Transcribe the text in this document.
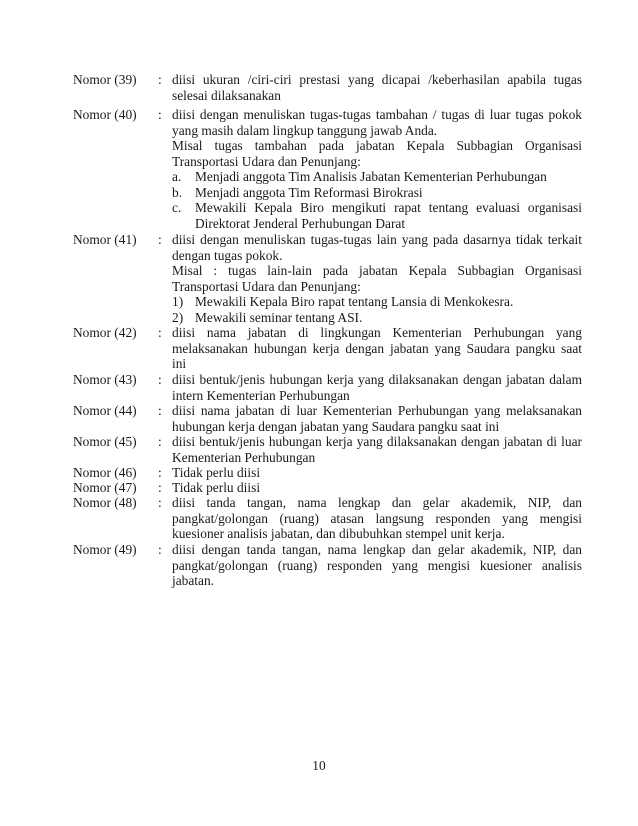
Nomor (39) : diisi ukuran /ciri-ciri prestasi yang dicapai /keberhasilan apabila tugas
selesai dilaksanakan
Nomor (40) : diisi dengan menuliskan tugas-tugas tambahan / tugas di luar tugas pokok
yang masih dalam lingkup tanggung jawab Anda.
Misal tugas tambahan pada jabatan Kepala Subbagian Organisasi
Transportasi Udara dan Penunjang:
a. Menjadi anggota Tim Analisis Jabatan Kementerian Perhubungan
b. Menjadi anggota Tim Reformasi Birokrasi
c. Mewakili Kepala Biro mengikuti rapat tentang evaluasi organisasi
Direktorat Jenderal Perhubungan Darat
Nomor (41) : diisi dengan menuliskan tugas-tugas lain yang pada dasarnya tidak terkait
dengan tugas pokok.
Misal : tugas lain-lain pada jabatan Kepala Subbagian Organisasi
Transportasi Udara dan Penunjang:
1) Mewakili Kepala Biro rapat tentang Lansia di Menkokesra.
2) Mewakili seminar tentang ASI.
Nomor (42) : diisi nama jabatan di lingkungan Kementerian Perhubungan yang
melaksanakan hubungan kerja dengan jabatan yang Saudara pangku saat
ini
Nomor (43) : diisi bentuk/jenis hubungan kerja yang dilaksanakan dengan jabatan dalam
intern Kementerian Perhubungan
Nomor (44) : diisi nama jabatan di luar Kementerian Perhubungan yang melaksanakan
hubungan kerja dengan jabatan yang Saudara pangku saat ini
Nomor (45) : diisi bentuk/jenis hubungan kerja yang dilaksanakan dengan jabatan di luar
Kementerian Perhubungan
Nomor (46) : Tidak perlu diisi
Nomor (47) : Tidak perlu diisi
Nomor (48) : diisi tanda tangan, nama lengkap dan gelar akademik, NIP, dan
pangkat/golongan (ruang) atasan langsung responden yang mengisi
kuesioner analisis jabatan, dan dibubuhkan stempel unit kerja.
Nomor (49) : diisi dengan tanda tangan, nama lengkap dan gelar akademik, NIP, dan
pangkat/golongan (ruang) responden yang mengisi kuesioner analisis
jabatan.
10
